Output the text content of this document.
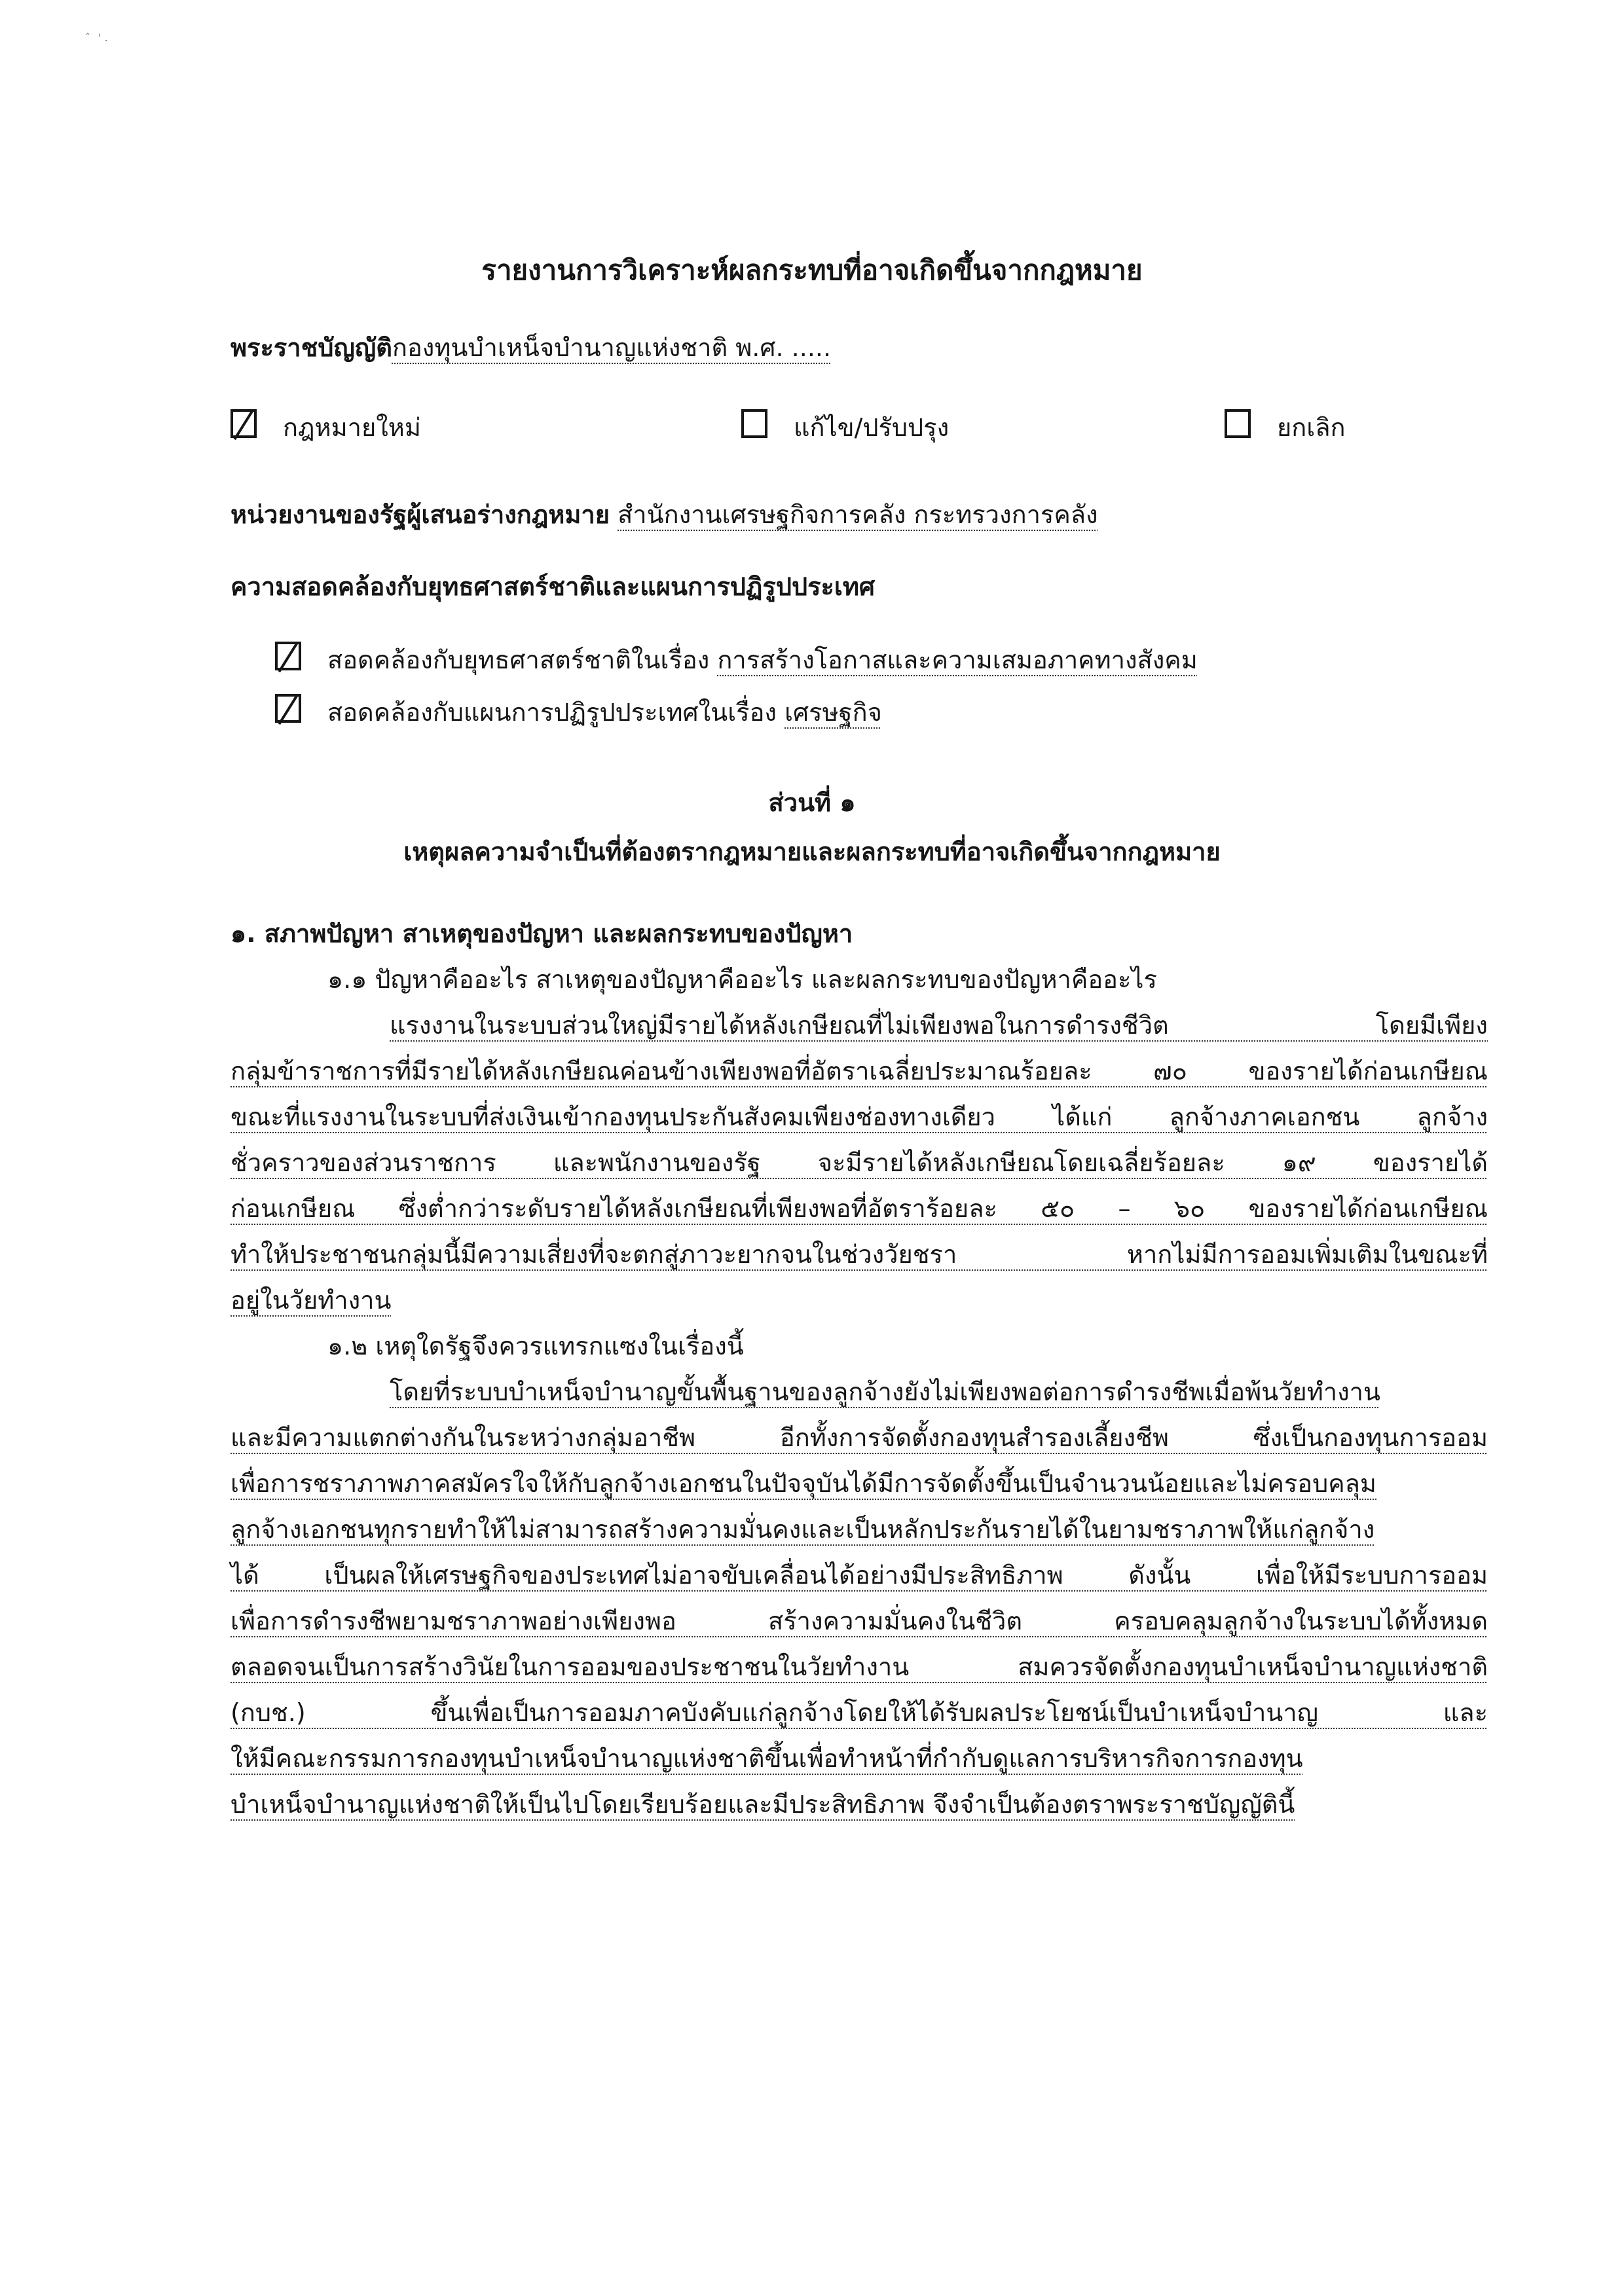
ˆ ' .
รายงานการวิเคราะห์ผลกระทบที่อาจเกิดขึ้นจากกฎหมาย
พระราชบัญญัติกองทุนบำเหน็จบำนาญแห่งชาติ พ.ศ. .....
กฎหมายใหม่	แก้ไข/ปรับปรุง	ยกเลิก
หน่วยงานของรัฐผู้เสนอร่างกฎหมาย สำนักงานเศรษฐกิจการคลัง กระทรวงการคลัง
ความสอดคล้องกับยุทธศาสตร์ชาติและแผนการปฏิรูปประเทศ
สอดคล้องกับยุทธศาสตร์ชาติในเรื่อง การสร้างโอกาสและความเสมอภาคทางสังคม
สอดคล้องกับแผนการปฏิรูปประเทศในเรื่อง เศรษฐกิจ
ส่วนที่ ๑
เหตุผลความจำเป็นที่ต้องตรากฎหมายและผลกระทบที่อาจเกิดขึ้นจากกฎหมาย
๑. สภาพปัญหา สาเหตุของปัญหา และผลกระทบของปัญหา
๑.๑ ปัญหาคืออะไร สาเหตุของปัญหาคืออะไร และผลกระทบของปัญหาคืออะไร
แรงงานในระบบส่วนใหญ่มีรายได้หลังเกษียณที่ไม่เพียงพอในการดำรงชีวิต โดยมีเพียง
กลุ่มข้าราชการที่มีรายได้หลังเกษียณค่อนข้างเพียงพอที่อัตราเฉลี่ยประมาณร้อยละ ๗๐ ของรายได้ก่อนเกษียณ
ขณะที่แรงงานในระบบที่ส่งเงินเข้ากองทุนประกันสังคมเพียงช่องทางเดียว ได้แก่ ลูกจ้างภาคเอกชน ลูกจ้าง
ชั่วคราวของส่วนราชการ และพนักงานของรัฐ จะมีรายได้หลังเกษียณโดยเฉลี่ยร้อยละ ๑๙ ของรายได้
ก่อนเกษียณ ซึ่งต่ำกว่าระดับรายได้หลังเกษียณที่เพียงพอที่อัตราร้อยละ ๕๐ – ๖๐ ของรายได้ก่อนเกษียณ
ทำให้ประชาชนกลุ่มนี้มีความเสี่ยงที่จะตกสู่ภาวะยากจนในช่วงวัยชรา หากไม่มีการออมเพิ่มเติมในขณะที่
อยู่ในวัยทำงาน
๑.๒ เหตุใดรัฐจึงควรแทรกแซงในเรื่องนี้
โดยที่ระบบบำเหน็จบำนาญขั้นพื้นฐานของลูกจ้างยังไม่เพียงพอต่อการดำรงชีพเมื่อพ้นวัยทำงาน
และมีความแตกต่างกันในระหว่างกลุ่มอาชีพ อีกทั้งการจัดตั้งกองทุนสำรองเลี้ยงชีพ ซึ่งเป็นกองทุนการออม
เพื่อการชราภาพภาคสมัครใจให้กับลูกจ้างเอกชนในปัจจุบันได้มีการจัดตั้งขึ้นเป็นจำนวนน้อยและไม่ครอบคลุม
ลูกจ้างเอกชนทุกรายทำให้ไม่สามารถสร้างความมั่นคงและเป็นหลักประกันรายได้ในยามชราภาพให้แก่ลูกจ้าง
ได้ เป็นผลให้เศรษฐกิจของประเทศไม่อาจขับเคลื่อนได้อย่างมีประสิทธิภาพ ดังนั้น เพื่อให้มีระบบการออม
เพื่อการดำรงชีพยามชราภาพอย่างเพียงพอ สร้างความมั่นคงในชีวิต ครอบคลุมลูกจ้างในระบบได้ทั้งหมด
ตลอดจนเป็นการสร้างวินัยในการออมของประชาชนในวัยทำงาน สมควรจัดตั้งกองทุนบำเหน็จบำนาญแห่งชาติ
(กบช.) ขึ้นเพื่อเป็นการออมภาคบังคับแก่ลูกจ้างโดยให้ได้รับผลประโยชน์เป็นบำเหน็จบำนาญ และ
ให้มีคณะกรรมการกองทุนบำเหน็จบำนาญแห่งชาติขึ้นเพื่อทำหน้าที่กำกับดูแลการบริหารกิจการกองทุน
บำเหน็จบำนาญแห่งชาติให้เป็นไปโดยเรียบร้อยและมีประสิทธิภาพ จึงจำเป็นต้องตราพระราชบัญญัตินี้
